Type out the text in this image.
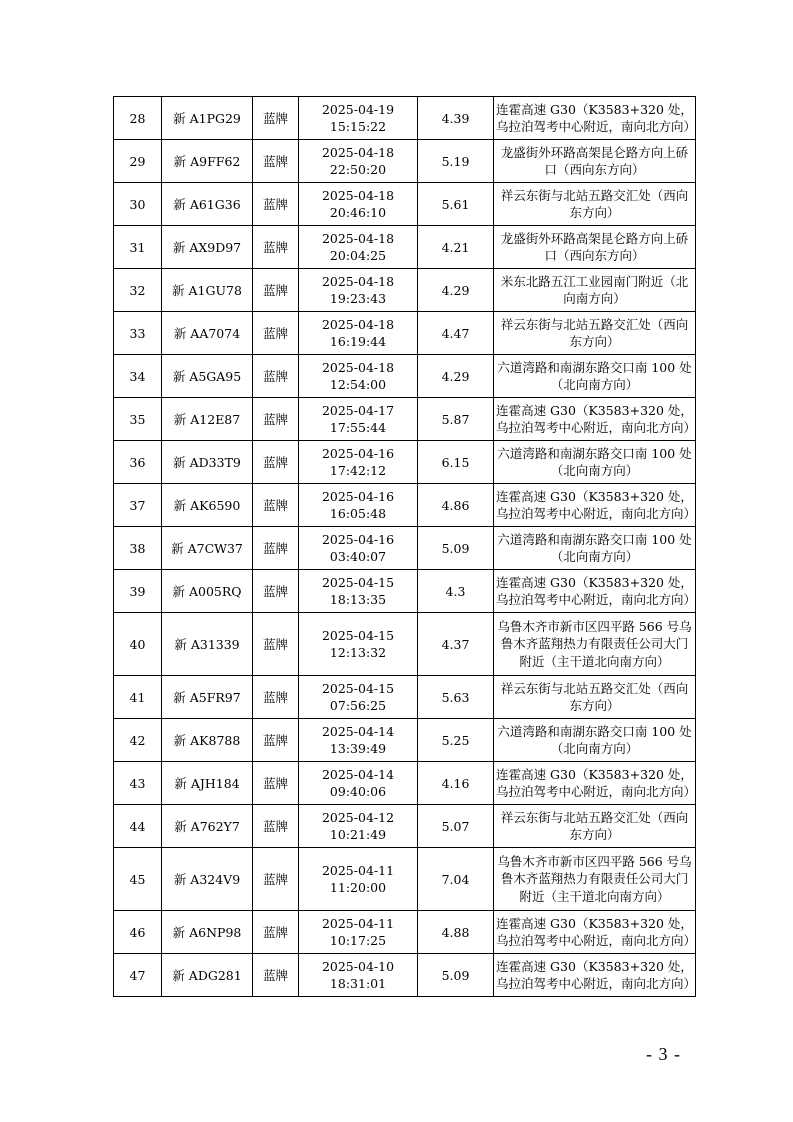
28	新 A1PG29	蓝牌	2025-04-19 15:15:22	4.39	连霍高速 G30（K3583+320 处，乌拉泊驾考中心附近，南向北方向）
29	新 A9FF62	蓝牌	2025-04-18 22:50:20	5.19	龙盛街外环路高架昆仑路方向上硚口（西向东方向）
30	新 A61G36	蓝牌	2025-04-18 20:46:10	5.61	祥云东街与北站五路交汇处（西向东方向）
31	新 AX9D97	蓝牌	2025-04-18 20:04:25	4.21	龙盛街外环路高架昆仑路方向上硚口（西向东方向）
32	新 A1GU78	蓝牌	2025-04-18 19:23:43	4.29	米东北路五江工业园南门附近（北向南方向）
33	新 AA7074	蓝牌	2025-04-18 16:19:44	4.47	祥云东街与北站五路交汇处（西向东方向）
34	新 A5GA95	蓝牌	2025-04-18 12:54:00	4.29	六道湾路和南湖东路交口南 100 处（北向南方向）
35	新 A12E87	蓝牌	2025-04-17 17:55:44	5.87	连霍高速 G30（K3583+320 处，乌拉泊驾考中心附近，南向北方向）
36	新 AD33T9	蓝牌	2025-04-16 17:42:12	6.15	六道湾路和南湖东路交口南 100 处（北向南方向）
37	新 AK6590	蓝牌	2025-04-16 16:05:48	4.86	连霍高速 G30（K3583+320 处，乌拉泊驾考中心附近，南向北方向）
38	新 A7CW37	蓝牌	2025-04-16 03:40:07	5.09	六道湾路和南湖东路交口南 100 处（北向南方向）
39	新 A005RQ	蓝牌	2025-04-15 18:13:35	4.3	连霍高速 G30（K3583+320 处，乌拉泊驾考中心附近，南向北方向）
40	新 A31339	蓝牌	2025-04-15 12:13:32	4.37	乌鲁木齐市新市区四平路 566 号乌鲁木齐蓝翔热力有限责任公司大门附近（主干道北向南方向）
41	新 A5FR97	蓝牌	2025-04-15 07:56:25	5.63	祥云东街与北站五路交汇处（西向东方向）
42	新 AK8788	蓝牌	2025-04-14 13:39:49	5.25	六道湾路和南湖东路交口南 100 处（北向南方向）
43	新 AJH184	蓝牌	2025-04-14 09:40:06	4.16	连霍高速 G30（K3583+320 处，乌拉泊驾考中心附近，南向北方向）
44	新 A762Y7	蓝牌	2025-04-12 10:21:49	5.07	祥云东街与北站五路交汇处（西向东方向）
45	新 A324V9	蓝牌	2025-04-11 11:20:00	7.04	乌鲁木齐市新市区四平路 566 号乌鲁木齐蓝翔热力有限责任公司大门附近（主干道北向南方向）
46	新 A6NP98	蓝牌	2025-04-11 10:17:25	4.88	连霍高速 G30（K3583+320 处，乌拉泊驾考中心附近，南向北方向）
47	新 ADG281	蓝牌	2025-04-10 18:31:01	5.09	连霍高速 G30（K3583+320 处，乌拉泊驾考中心附近，南向北方向）
- 3 -
